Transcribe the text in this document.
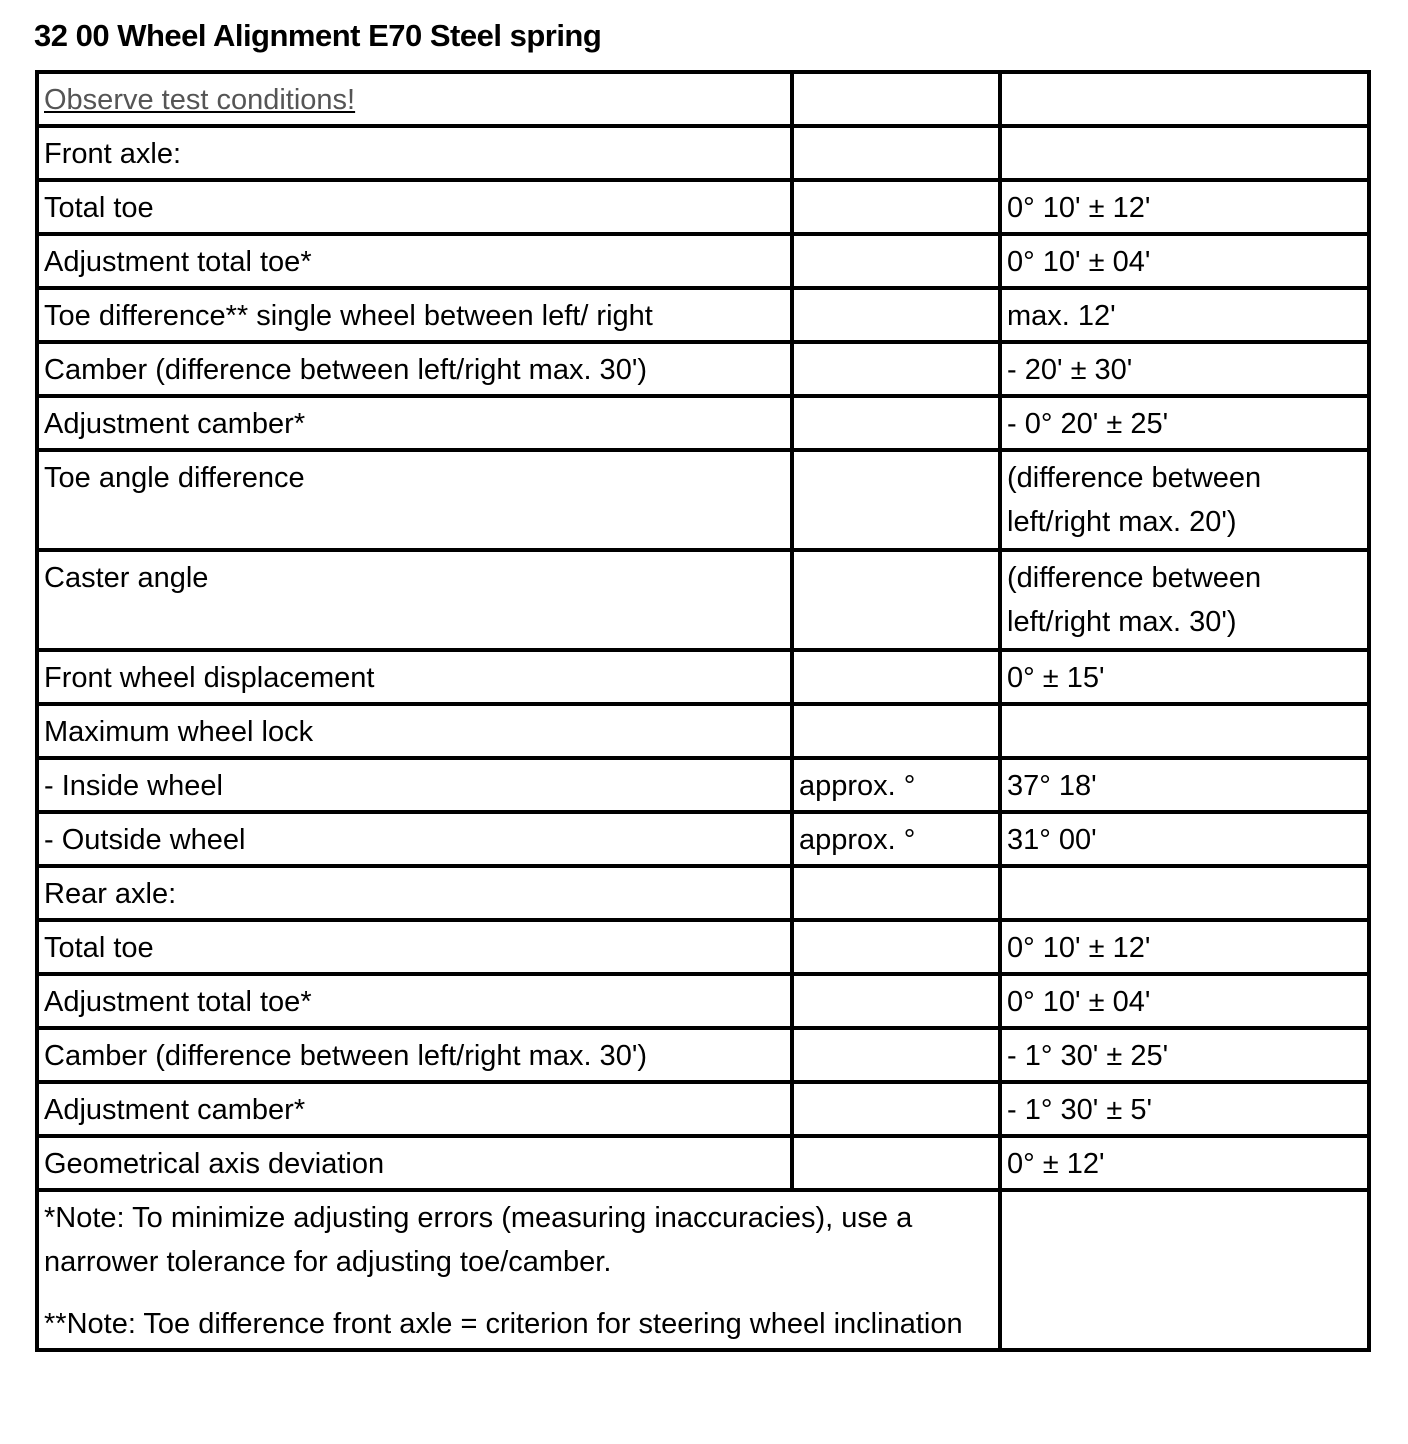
32 00 Wheel Alignment E70 Steel spring
Observe test conditions!		
Front axle:		
Total toe		0° 10' ± 12'
Adjustment total toe*		0° 10' ± 04'
Toe difference** single wheel between left/ right		max. 12'
Camber (difference between left/right max. 30')		- 20' ± 30'
Adjustment camber*		- 0° 20' ± 25'
Toe angle difference		(difference between left/right max. 20')
Caster angle		(difference between left/right max. 30')
Front wheel displacement		0° ± 15'
Maximum wheel lock		
- Inside wheel	approx. °	37° 18'
- Outside wheel	approx. °	31° 00'
Rear axle:		
Total toe		0° 10' ± 12'
Adjustment total toe*		0° 10' ± 04'
Camber (difference between left/right max. 30')		- 1° 30' ± 25'
Adjustment camber*		- 1° 30' ± 5'
Geometrical axis deviation		0° ± 12'

*Note: To minimize adjusting errors (measuring inaccuracies), use a narrower tolerance for adjusting toe/camber.

**Note: Toe difference front axle = criterion for steering wheel inclination		
